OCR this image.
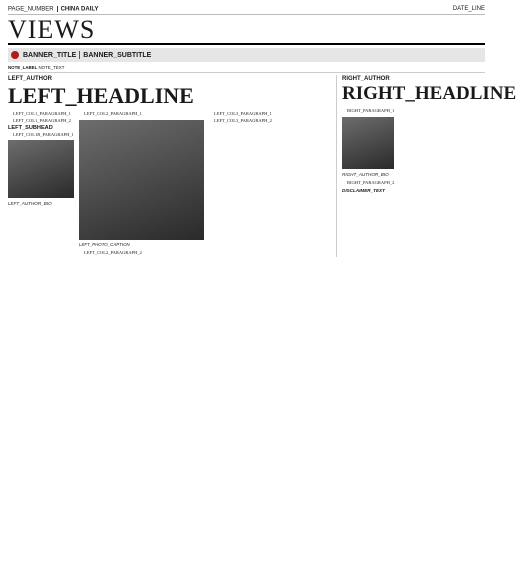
PAGE_NUMBER CHINA DAILY	DATE_LINE
VIEWS
BANNER_TITLE BANNER_SUBTITLE
NOTE_LABEL NOTE_TEXT
LEFT_AUTHOR
LEFT_HEADLINE

LEFT_COL1_PARAGRAPH_1

LEFT_COL1_PARAGRAPH_2

LEFT_SUBHEAD

LEFT_COL1B_PARAGRAPH_1

LEFT_AUTHOR_BIO

LEFT_COL2_PARAGRAPH_1

LEFT_PHOTO_CAPTION

LEFT_COL2_PARAGRAPH_2

LEFT_COL3_PARAGRAPH_1

LEFT_COL3_PARAGRAPH_2

RIGHT_AUTHOR
RIGHT_HEADLINE

RIGHT_PARAGRAPH_1

RIGHT_AUTHOR_BIO

RIGHT_PARAGRAPH_2

DISCLAIMER_TEXT
